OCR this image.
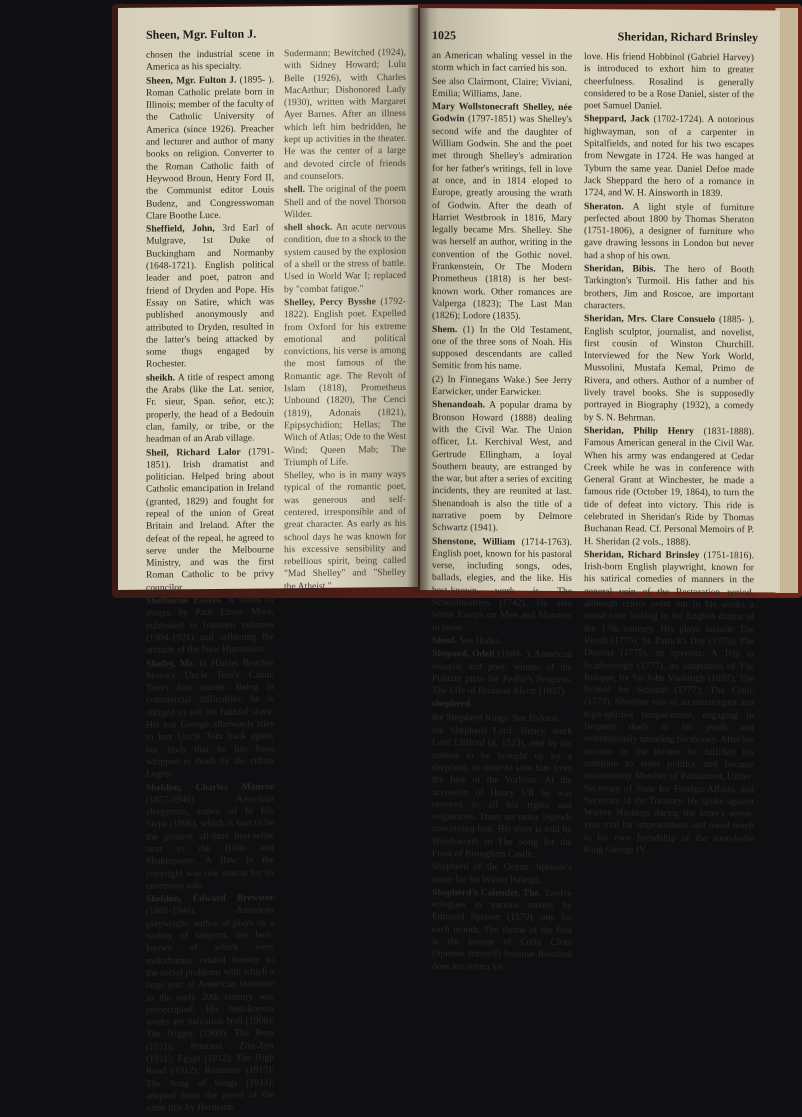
Sheen, Mgr. Fulton J.

chosen the industrial scene in America as his specialty.

Sheen, Mgr. Fulton J. (1895- ). Roman Catholic prelate born in Illinois; member of the faculty of the Catholic University of America (since 1926). Preacher and lecturer and author of many books on religion. Converter to the Roman Catholic faith of Heywood Broun, Henry Ford II, the Communist editor Louis Budenz, and Congresswoman Clare Boothe Luce.

Sheffield, John, 3rd Earl of Mulgrave, 1st Duke of Buckingham and Normanby (1648-1721). English political leader and poet, patron and friend of Dryden and Pope. His Essay on Satire, which was published anonymously and attributed to Dryden, resulted in the latter's being attacked by some thugs engaged by Rochester.

sheikh. A title of respect among the Arabs (like the Lat. senior, Fr. sieur, Span. señor, etc.); properly, the head of a Bedouin clan, family, or tribe, or the headman of an Arab village.

Sheil, Richard Lalor (1791-1851). Irish dramatist and politician. Helped bring about Catholic emancipation in Ireland (granted, 1829) and fought for repeal of the union of Great Britain and Ireland. After the defeat of the repeal, he agreed to serve under the Melbourne Ministry, and was the first Roman Catholic to be privy councilor.

Shelburne Essays. A series of essays by Paul Elmer More, published in fourteen volumes (1904-1921) and reflecting the attitude of the New Humanists.

Shelby, Mr. In Harriet Beecher Stowe's Uncle Tom's Cabin, Tom's first master. Being in commercial difficulties, he is obliged to sell his faithful slave. His son George afterwards tries to buy Uncle Tom back again, but finds that he has been whipped to death by the villain Legree.

Sheldon, Charles Monroe (1857-1946). American clergyman, author of In His Steps (1896), which is said to be the greatest all-time best-seller next to the Bible and Shakespeare. A flaw in the copyright was one reason for its enormous sale.

Sheldon, Edward Brewster (1886-1946). American playwright, author of plays on a variety of subjects, the best-known of which were melodramas related loosely to the social problems with which a large part of American literature in the early 20th century was preoccupied. His best-known works are Salvation Nell (1908); The Nigger (1909); The Boss (1911); Princess Zim-Zim (1911); Egypt (1912); The High Road (1912); Romance (1913); The Song of Songs (1914), adapted from the novel of the same title by Hermann

Sudermann; Bewitched (1924), with Sidney Howard; Lulu Belle (1926), with Charles MacArthur; Dishonored Lady (1930), written with Margaret Ayer Barnes. After an illness which left him bedridden, he kept up activities in the theater. He was the center of a large and devoted circle of friends and counselors.

shell. The original of the poem Shell and of the novel Thorson Wilder.

shell shock. An acute nervous condition, due to a shock to the system caused by the explosion of a shell or the stress of battle. Used in World War I; replaced by "combat fatigue."

Shelley, Percy Bysshe (1792-1822). English poet. Expelled from Oxford for his extreme emotional and political convictions, his verse is among the most famous of the Romantic age. The Revolt of Islam (1818), Prometheus Unbound (1820), The Cenci (1819), Adonais (1821), Epipsychidion; Hellas; The Witch of Atlas; Ode to the West Wind; Queen Mab; The Triumph of Life.

Shelley, who is in many ways typical of the romantic poet, was generous and self-centered, irresponsible and of great character. As early as his school days he was known for his excessive sensibility and rebellious spirit, being called "Mad Shelley" and "Shelley the Atheist."

1025	Sheridan, Richard Brinsley

an American whaling vessel in the storm which in fact carried his son.

See also Clairmont, Claire; Viviani, Emilia; Williams, Jane.

Mary Wollstonecraft Shelley, née Godwin (1797-1851) was Shelley's second wife and the daughter of William Godwin. She and the poet met through Shelley's admiration for her father's writings, fell in love at once, and in 1814 eloped to Europe, greatly arousing the wrath of Godwin. After the death of Harriet Westbrook in 1816, Mary legally became Mrs. Shelley. She was herself an author, writing in the convention of the Gothic novel. Frankenstein, Or The Modern Prometheus (1818) is her best-known work. Other romances are Valperga (1823); The Last Man (1826); Lodore (1835).

Shem. (1) In the Old Testament, one of the three sons of Noah. His supposed descendants are called Semitic from his name.

(2) In Finnegans Wake.) See Jerry Earwicker, under Earwicker.

Shenandoah. A popular drama by Bronson Howard (1888) dealing with the Civil War. The Union officer, Lt. Kerchival West, and Gertrude Ellingham, a loyal Southern beauty, are estranged by the war, but after a series of exciting incidents, they are reunited at last. Shenandoah is also the title of a narrative poem by Delmore Schwartz (1941).

Shenstone, William (1714-1763). English poet, known for his pastoral verse, including songs, odes, ballads, elegies, and the like. His best-known work is The Schoolmistress (1742). He also wrote Essays on Men and Manners in prose.

Sheol. See Hades.

Shepard, Odell (1884- ). American essayist and poet, winner of the Pulitzer prize for Pedlar's Progress: The Life of Bronson Alcott (1937).

shepherd.

the Shepherd Kings. See Hyksos.

the Shepherd Lord. Henry, tenth Lord Clifford (d. 1523), sent by his mother to be brought up by a shepherd, in order to save him from the fury of the Yorkists. At the accession of Henry VII he was restored to all his rights and seigniories. There are many legends concerning him. His story is told by Wordsworth in The Song for the Feast of Brougham Castle.

Shepherd of the Ocean. Spenser's name for Sir Walter Raleigh.

Shepherd's Calender, The. Twelve eclogues in various meters by Edmund Spenser (1579), one for each month. The theme of the first is the lament of Colin Clout (Spenser himself) because Rosalind does not return his

love. His friend Hobbinol (Gabriel Harvey) is introduced to exhort him to greater cheerfulness. Rosalind is generally considered to be a Rose Daniel, sister of the poet Samuel Daniel.

Sheppard, Jack (1702-1724). A notorious highwayman, son of a carpenter in Spitalfields, and noted for his two escapes from Newgate in 1724. He was hanged at Tyburn the same year. Daniel Defoe made Jack Sheppard the hero of a romance in 1724, and W. H. Ainsworth in 1839.

Sheraton. A light style of furniture perfected about 1800 by Thomas Sheraton (1751-1806), a designer of furniture who gave drawing lessons in London but never had a shop of his own.

Sheridan, Bibis. The hero of Booth Tarkington's Turmoil. His father and his brothers, Jim and Roscoe, are important characters.

Sheridan, Mrs. Clare Consuelo (1885- ). English sculptor, journalist, and novelist, first cousin of Winston Churchill. Interviewed for the New York World, Mussolini, Mustafa Kemal, Primo de Rivera, and others. Author of a number of lively travel books. She is supposedly portrayed in Biography (1932), a comedy by S. N. Behrman.

Sheridan, Philip Henry (1831-1888). Famous American general in the Civil War. When his army was endangered at Cedar Creek while he was in conference with General Grant at Winchester, he made a famous ride (October 19, 1864), to turn the tide of defeat into victory. This ride is celebrated in Sheridan's Ride by Thomas Buchanan Read. Cf. Personal Memoirs of P. H. Sheridan (2 vols., 1888).

Sheridan, Richard Brinsley (1751-1816). Irish-born English playwright, known for his satirical comedies of manners in the general vein of the Restoration period, although critics point out in his works a moral tone lacking in the English drama of the 17th century. His plays include The Rivals (1775); St. Patrick's Day (1775); The Duenna (1775), an operetta; A Trip to Scarborough (1777), an adaptation of The Relapse, by Sir John Vanbrugh (1697); The School for Scandal (1777); The Critic (1779). Sheridan was of an extravagant and high-spirited temperament, engaging in frequent duels in his youth and ostentatiously spending his money. After his success in the theater he fulfilled his ambition to enter politics and became successively Member of Parliament, Under-Secretary of State for Foreign Affairs, and Secretary of the Treasury. He spoke against Warren Hastings during the latter's seven-year trial for impeachment and owed much to his own friendship of the soon-to-be King George IV,
